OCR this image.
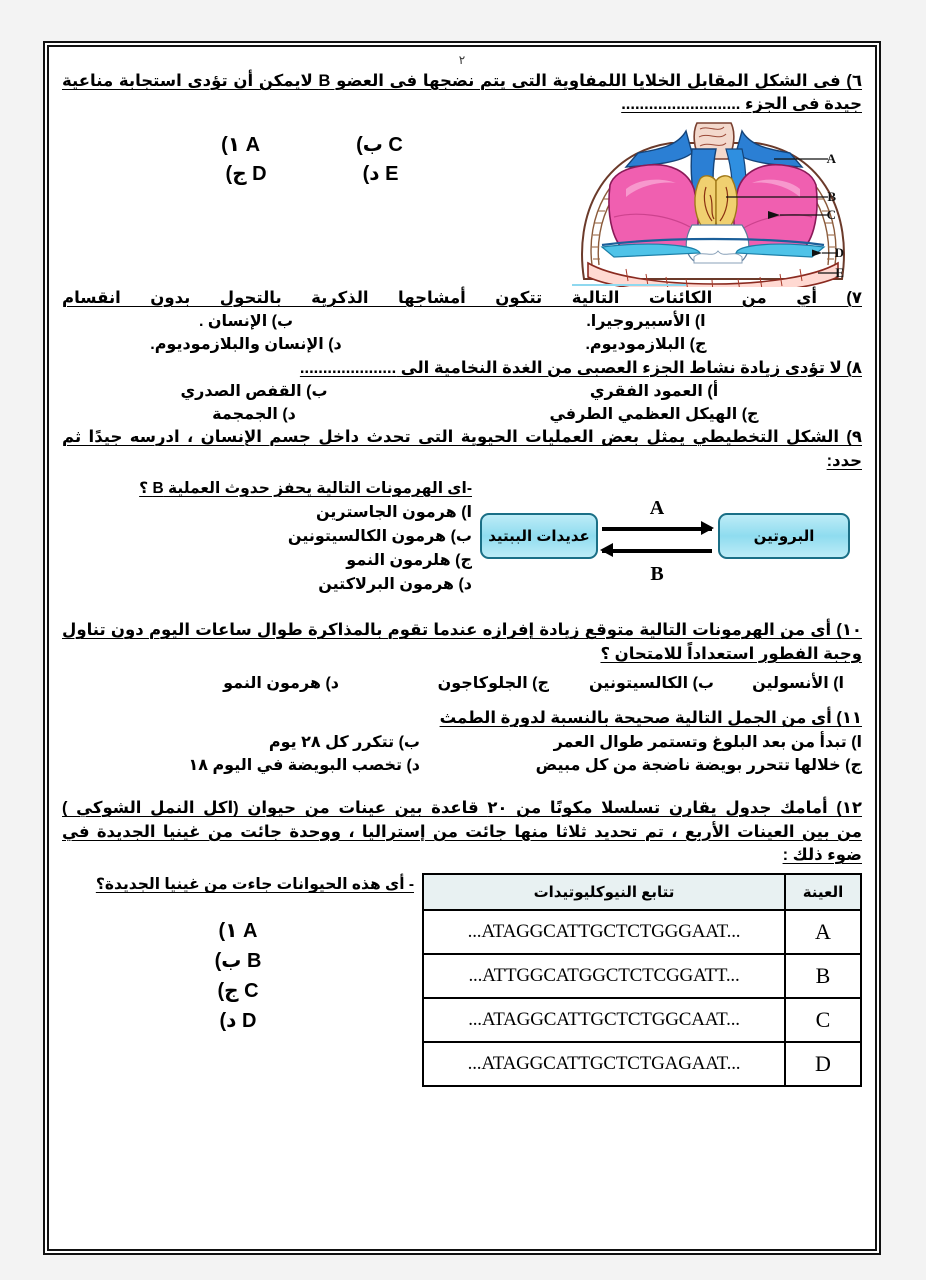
٢
٦) فى الشكل المقابل الخلايا اللمفاوية التى يتم نضجها فى العضو B لايمكن أن تؤدى استجابة مناعية
جيدة فى الجزء ..........................
A
B
C
D
E
C ب)
A ١)
E د)
D ج)
٧) أي من الكائنات التالية تتكون أمشاجها الذكرية بالتحول بدون انقسام
ا) الأسبيروجيرا.
ب) الإنسان .
ج) البلازموديوم.
د) الإنسان والبلازموديوم.
٨) لا تؤدى زيادة نشاط الجزء العصبى من الغدة النخامية الى .....................
أ) العمود الفقري
ب) القفص الصدري
ج) الهيكل العظمي الطرفي
د) الجمجمة
٩) الشكل التخطيطي يمثل بعض العمليات الحيوية التى تحدث داخل جسم الإنسان ، ادرسه جيدًا ثم
حدد:
عديدات الببتيد	البروتين
A
B
-اى الهرمونات التالية يحفز حدوث العملية B ؟
ا) هرمون الجاسترين
ب) هرمون الكالسيتونين
ج) هلرمون النمو
د) هرمون البرلاكتين
١٠) أى من الهرمونات التالية متوقع زيادة إفرازه عندما تقوم بالمذاكرة طوال ساعات اليوم دون تناول
وجبة الفطور استعداداً للامتحان ؟
ا) الأنسولين
ب) الكالسيتونين
ج) الجلوكاجون
د) هرمون النمو
١١) أى من الجمل التالية صحيحة بالنسبة لدورة الطمث
ا) تبدأ من بعد البلوغ وتستمر طوال العمر
ب) تتكرر كل ٢٨ يوم
ج) خلالها تتحرر بويضة ناضجة من كل مبيض
د) تخصب البويضة في اليوم ١٨
١٢) أمامك جدول يقارن تسلسلا مكونًا من ٢٠ قاعدة بين عينات من حيوان (اكل النمل الشوكي )
من بين العينات الأربع ، تم تحديد ثلاثا منها جائت من إستراليا ، ووحدة جائت من غينيا الجديدة في
ضوء ذلك :
العينة	تتابع النيوكليوتيدات
A	...ATAGGCATTGCTCTGGGAAT...
B	...ATTGGCATGGCTCTCGGATT...
C	...ATAGGCATTGCTCTGGCAAT...
D	...ATAGGCATTGCTCTGAGAAT...
- أى هذه الحيوانات جاءت من غينيا الجديدة؟
A ١)
B ب)
C ج)
D د)
